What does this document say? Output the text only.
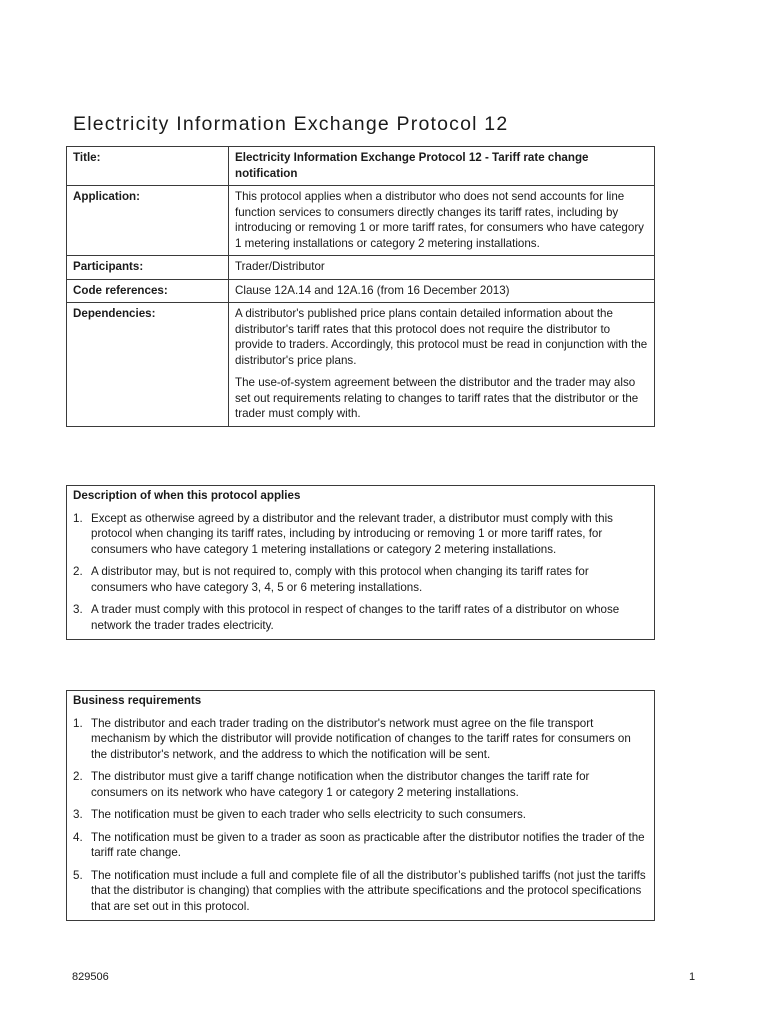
Electricity Information Exchange Protocol 12
Title:	Electricity Information Exchange Protocol 12 - Tariff rate change notification

Application:	This protocol applies when a distributor who does not send accounts for line function services to consumers directly changes its tariff rates, including by introducing or removing 1 or more tariff rates, for consumers who have category 1 metering installations or category 2 metering installations.

Participants:	Trader/Distributor

Code references:	Clause 12A.14 and 12A.16 (from 16 December 2013)

Dependencies:	A distributor's published price plans contain detailed information about the distributor's tariff rates that this protocol does not require the distributor to provide to traders. Accordingly, this protocol must be read in conjunction with the distributor's price plans.

The use-of-system agreement between the distributor and the trader may also set out requirements relating to changes to tariff rates that the distributor or the trader must comply with.

Description of when this protocol applies

1. Except as otherwise agreed by a distributor and the relevant trader, a distributor must comply with this protocol when changing its tariff rates, including by introducing or removing 1 or more tariff rates, for consumers who have category 1 metering installations or category 2 metering installations.
2. A distributor may, but is not required to, comply with this protocol when changing its tariff rates for consumers who have category 3, 4, 5 or 6 metering installations.
3. A trader must comply with this protocol in respect of changes to the tariff rates of a distributor on whose network the trader trades electricity.

Business requirements

1. The distributor and each trader trading on the distributor's network must agree on the file transport mechanism by which the distributor will provide notification of changes to the tariff rates for consumers on the distributor's network, and the address to which the notification will be sent.
2. The distributor must give a tariff change notification when the distributor changes the tariff rate for consumers on its network who have category 1 or category 2 metering installations.
3. The notification must be given to each trader who sells electricity to such consumers.
4. The notification must be given to a trader as soon as practicable after the distributor notifies the trader of the tariff rate change.
5. The notification must include a full and complete file of all the distributor’s published tariffs (not just the tariffs that the distributor is changing) that complies with the attribute specifications and the protocol specifications that are set out in this protocol.
829506	1
